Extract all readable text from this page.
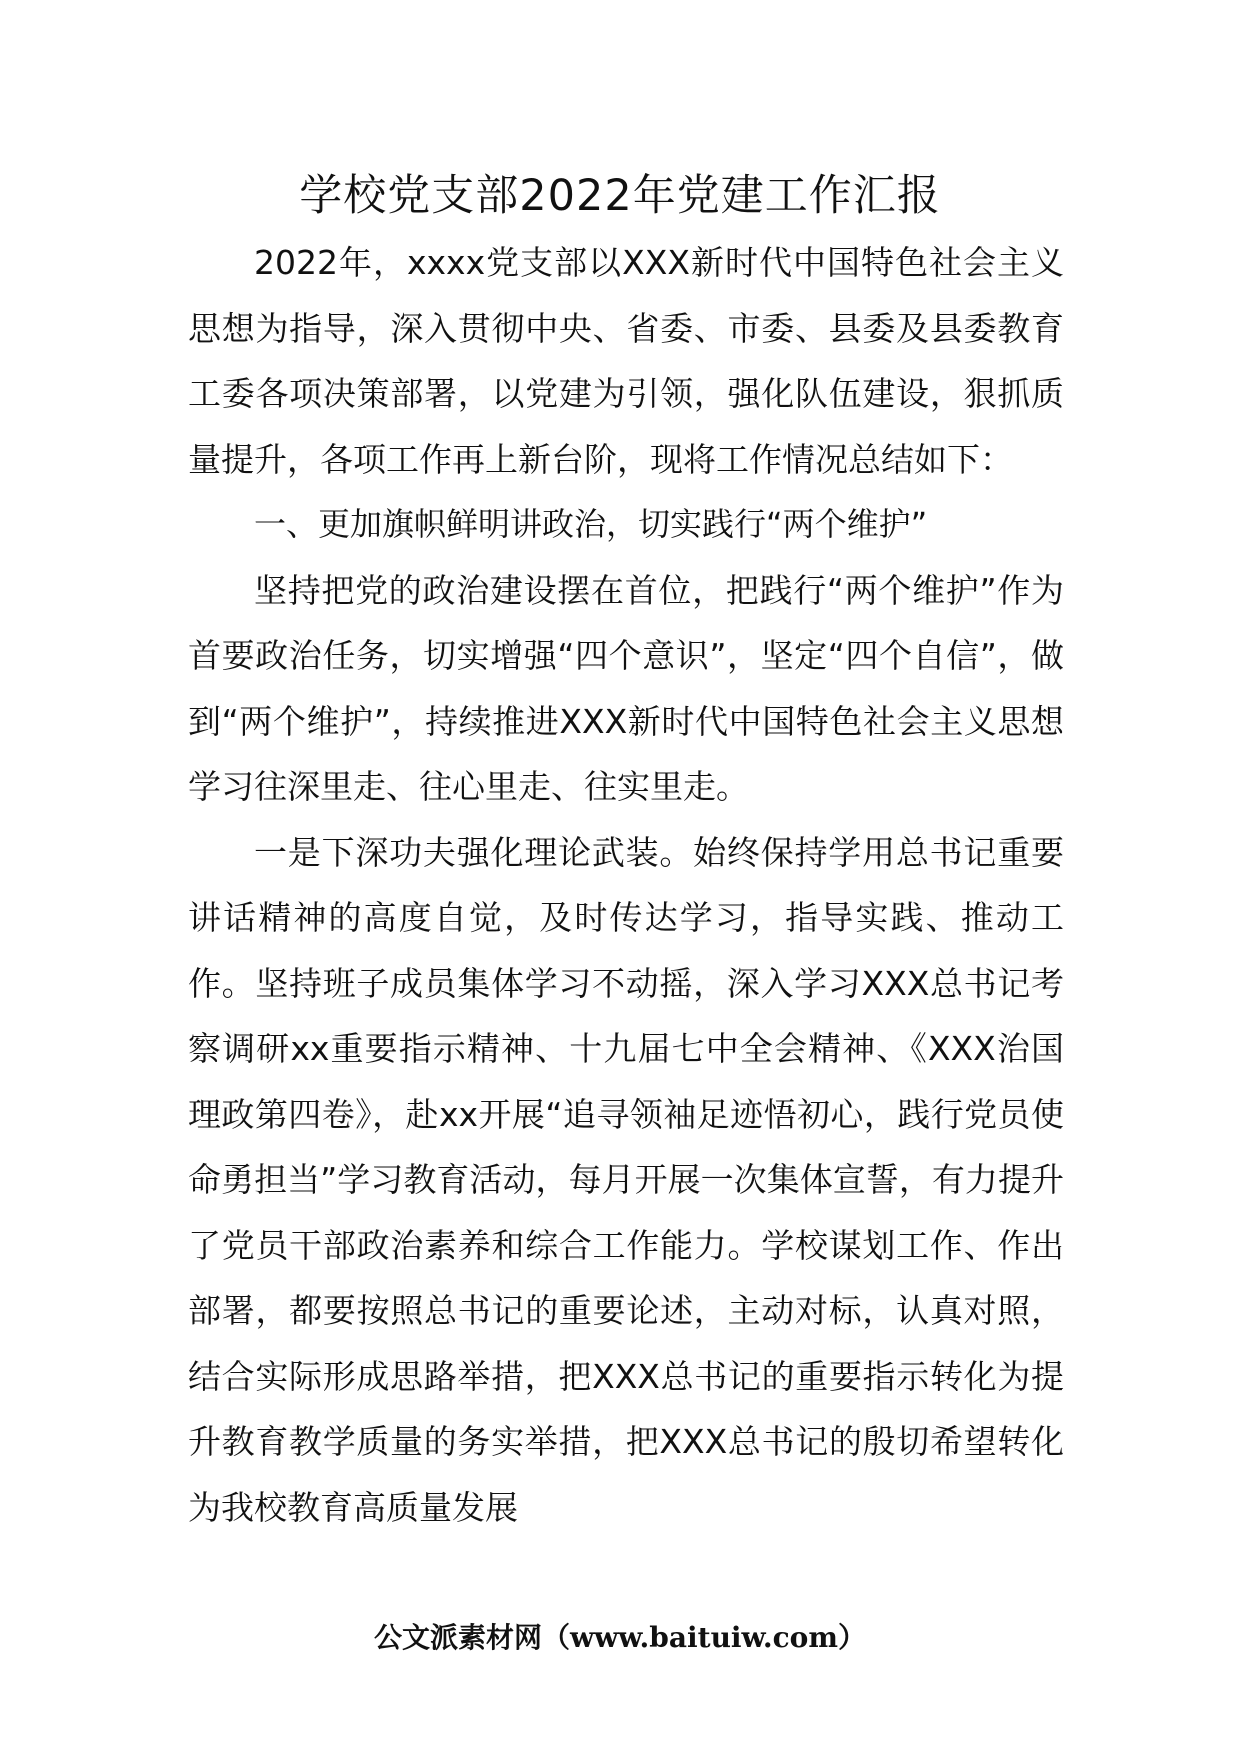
学校党支部2022年党建工作汇报

2022年，xxxx党支部以XXX新时代中国特色社会主义思想为指导，深入贯彻中央、省委、市委、县委及县委教育工委各项决策部署，以党建为引领，强化队伍建设，狠抓质量提升，各项工作再上新台阶，现将工作情况总结如下：

一、更加旗帜鲜明讲政治，切实践行“两个维护”

坚持把党的政治建设摆在首位，把践行“两个维护”作为首要政治任务，切实增强“四个意识”，坚定“四个自信”，做到“两个维护”，持续推进XXX新时代中国特色社会主义思想学习往深里走、往心里走、往实里走。

一是下深功夫强化理论武装。始终保持学用总书记重要讲话精神的高度自觉，及时传达学习，指导实践、推动工作。坚持班子成员集体学习不动摇，深入学习XXX总书记考察调研xx重要指示精神、十九届七中全会精神、《XXX治国理政第四卷》，赴xx开展“追寻领袖足迹悟初心，践行党员使命勇担当”学习教育活动，每月开展一次集体宣誓，有力提升了党员干部政治素养和综合工作能力。学校谋划工作、作出部署，都要按照总书记的重要论述，主动对标，认真对照，结合实际形成思路举措，把XXX总书记的重要指示转化为提升教育教学质量的务实举措，把XXX总书记的殷切希望转化为我校教育高质量发展

公文派素材网（www.baituiw.com）
